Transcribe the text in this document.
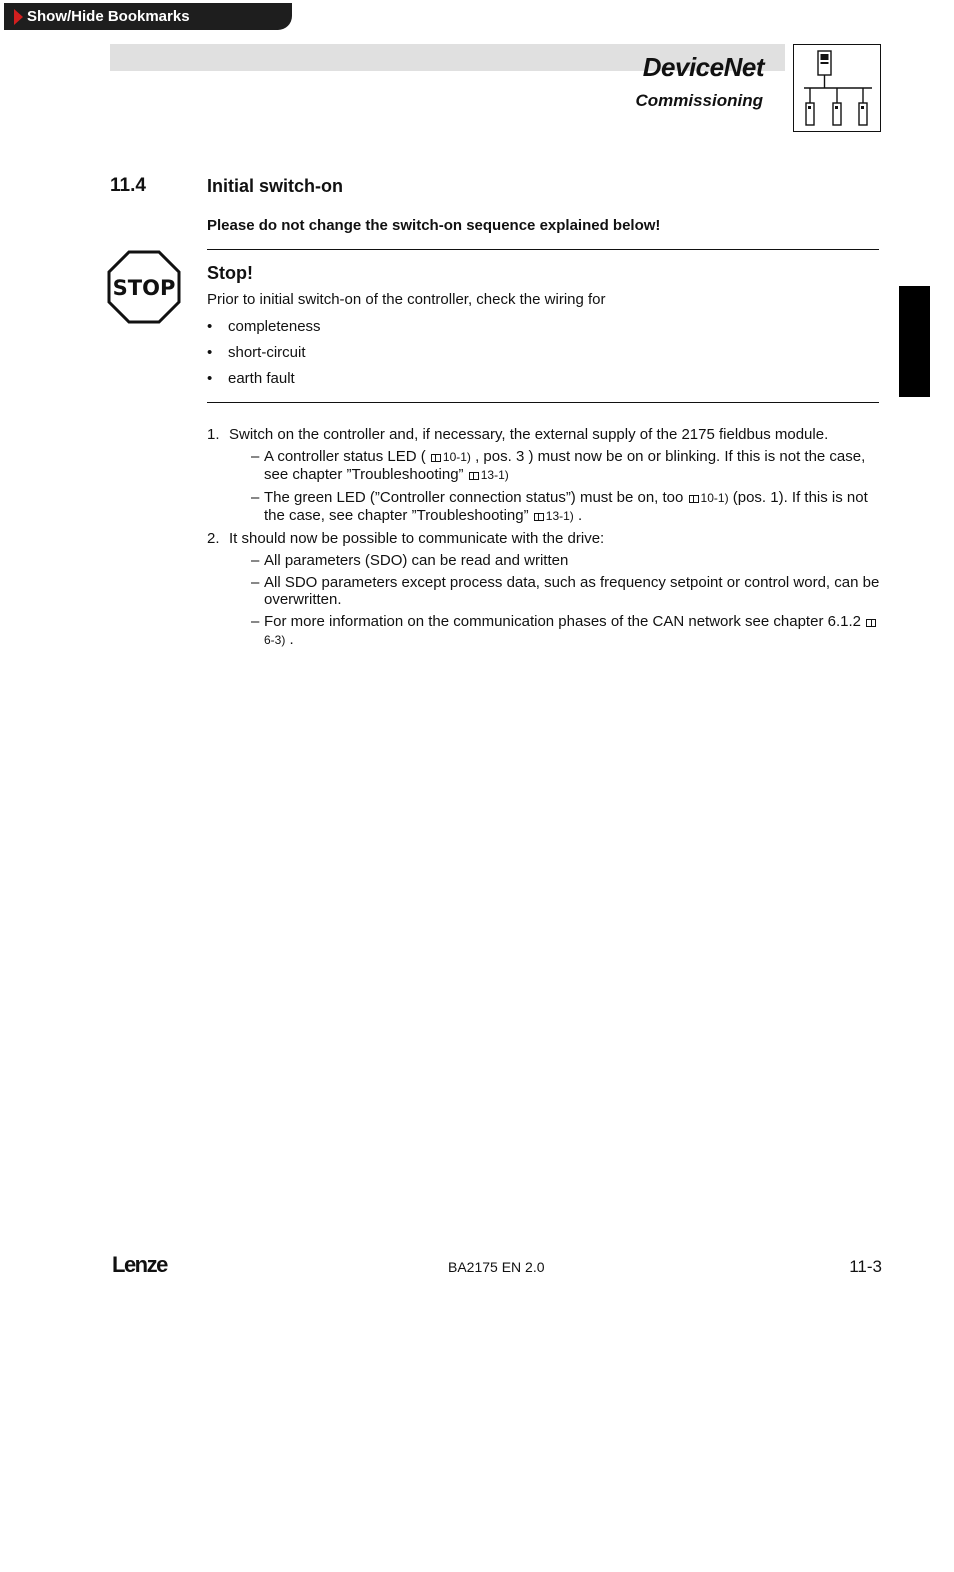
Show/Hide Bookmarks
DeviceNet
Commissioning
11.4	Initial switch-on
Please do not change the switch-on sequence explained below!
STOP
Stop!
Prior to initial switch-on of the controller, check the wiring for
•	completeness
•	short-circuit
•	earth fault
1. Switch on the controller and, if necessary, the external supply of the 2175 fieldbus module.
– A controller status LED ( 10-1) , pos. 3 ) must now be on or blinking. If this is not the case, see chapter ”Troubleshooting” 13-1)
– The green LED (”Controller connection status”) must be on, too 10-1) (pos. 1). If this is not the case, see chapter ”Troubleshooting” 13-1) .
2. It should now be possible to communicate with the drive:
– All parameters (SDO) can be read and written
– All SDO parameters except process data, such as frequency setpoint or control word, can be overwritten.
– For more information on the communication phases of the CAN network see chapter 6.1.2 6-3) .
Lenze	BA2175 EN 2.0	11-3
